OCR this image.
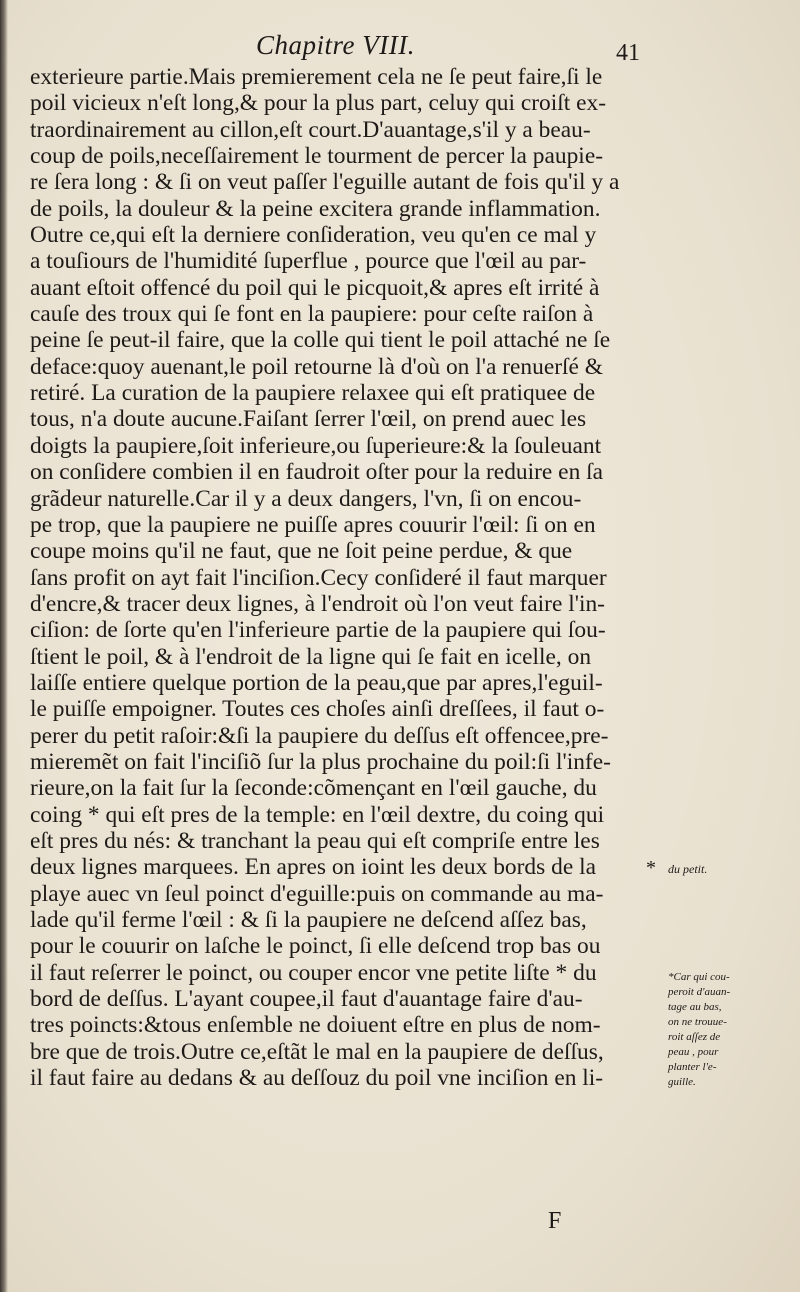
Chapitre VIII.	41
exterieure partie.Mais premierement cela ne ſe peut faire,ſi le
poil vicieux n'eſt long,& pour la plus part, celuy qui croiſt ex-
traordinairement au cillon,eſt court.D'auantage,s'il y a beau-
coup de poils,neceſſairement le tourment de percer la paupie-
re ſera long : & ſi on veut paſſer l'eguille autant de fois qu'il y a
de poils, la douleur & la peine excitera grande inflammation.
Outre ce,qui eſt la derniere conſideration, veu qu'en ce mal y
a touſiours de l'humidité ſuperflue , pource que l'œil au par-
auant eſtoit offencé du poil qui le picquoit,& apres eſt irrité à
cauſe des troux qui ſe font en la paupiere: pour ceſte raiſon à
peine ſe peut-il faire, que la colle qui tient le poil attaché ne ſe
deface:quoy auenant,le poil retourne là d'où on l'a renuerſé &
retiré. La curation de la paupiere relaxee qui eſt pratiquee de
tous, n'a doute aucune.Faiſant ſerrer l'œil, on prend auec les
doigts la paupiere,ſoit inferieure,ou ſuperieure:& la ſouleuant
on conſidere combien il en faudroit oſter pour la reduire en ſa
grãdeur naturelle.Car il y a deux dangers, l'vn, ſi on encou-
pe trop, que la paupiere ne puiſſe apres couurir l'œil: ſi on en
coupe moins qu'il ne faut, que ne ſoit peine perdue, & que
ſans profit on ayt fait l'inciſion.Cecy conſideré il faut marquer
d'encre,& tracer deux lignes, à l'endroit où l'on veut faire l'in-
ciſion: de ſorte qu'en l'inferieure partie de la paupiere qui ſou-
ſtient le poil, & à l'endroit de la ligne qui ſe fait en icelle, on
laiſſe entiere quelque portion de la peau,que par apres,l'eguil-
le puiſſe empoigner. Toutes ces choſes ainſi dreſſees, il faut o-
perer du petit raſoir:&ſi la paupiere du deſſus eſt offencee,pre-
mieremẽt on fait l'inciſiõ ſur la plus prochaine du poil:ſi l'infe-
rieure,on la fait ſur la ſeconde:cõmençant en l'œil gauche, du
coing * qui eſt pres de la temple: en l'œil dextre, du coing qui
eſt pres du nés: & tranchant la peau qui eſt compriſe entre les
deux lignes marquees. En apres on ioint les deux bords de la
playe auec vn ſeul poinct d'eguille:puis on commande au ma-
lade qu'il ferme l'œil : & ſi la paupiere ne deſcend aſſez bas,
pour le couurir on laſche le poinct, ſi elle deſcend trop bas ou
il faut reſerrer le poinct, ou couper encor vne petite liſte * du
bord de deſſus. L'ayant coupee,il faut d'auantage faire d'au-
tres poincts:&tous enſemble ne doiuent eſtre en plus de nom-
bre que de trois.Outre ce,eſtãt le mal en la paupiere de deſſus,
il faut faire au dedans & au deſſouz du poil vne inciſion en li-
* du petit.
*Car qui cou-
peroit d'auan-
tage au bas,
on ne trouue-
roit aſſez de
peau , pour
planter l'e-
guille.
F
